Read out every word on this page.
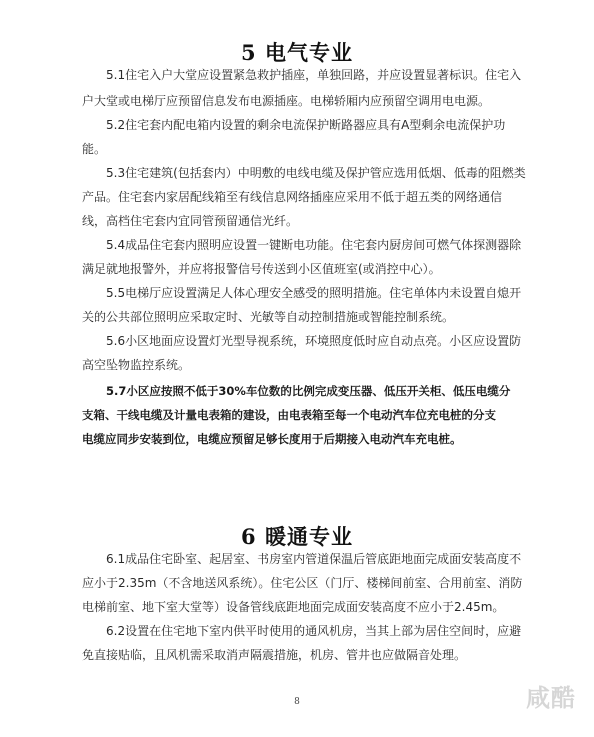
5 电气专业
5.1住宅入户大堂应设置紧急救护插座，单独回路，并应设置显著标识。住宅入
户大堂或电梯厅应预留信息发布电源插座。电梯轿厢内应预留空调用电电源。
5.2住宅套内配电箱内设置的剩余电流保护断路器应具有A型剩余电流保护功
能。
5.3住宅建筑(包括套内）中明敷的电线电缆及保护管应选用低烟、低毒的阻燃类
产品。住宅套内家居配线箱至有线信息网络插座应采用不低于超五类的网络通信
线，高档住宅套内宜同管预留通信光纤。
5.4成品住宅套内照明应设置一键断电功能。住宅套内厨房间可燃气体探测器除
满足就地报警外，并应将报警信号传送到小区值班室(或消控中心）。
5.5电梯厅应设置满足人体心理安全感受的照明措施。住宅单体内未设置自熄开
关的公共部位照明应采取定时、光敏等自动控制措施或智能控制系统。
5.6小区地面应设置灯光型导视系统，环境照度低时应自动点亮。小区应设置防
高空坠物监控系统。
5.7小区应按照不低于30%车位数的比例完成变压器、低压开关柜、低压电缆分
支箱、干线电缆及计量电表箱的建设，由电表箱至每一个电动汽车位充电桩的分支
电缆应同步安装到位，电缆应预留足够长度用于后期接入电动汽车充电桩。
6 暖通专业
6.1成品住宅卧室、起居室、书房室内管道保温后管底距地面完成面安装高度不
应小于2.35m（不含地送风系统）。住宅公区（门厅、楼梯间前室、合用前室、消防
电梯前室、地下室大堂等）设备管线底距地面完成面安装高度不应小于2.45m。
6.2设置在住宅地下室内供平时使用的通风机房，当其上部为居住空间时，应避
免直接贴临，且风机需采取消声隔震措施，机房、管井也应做隔音处理。
8	咸酷
